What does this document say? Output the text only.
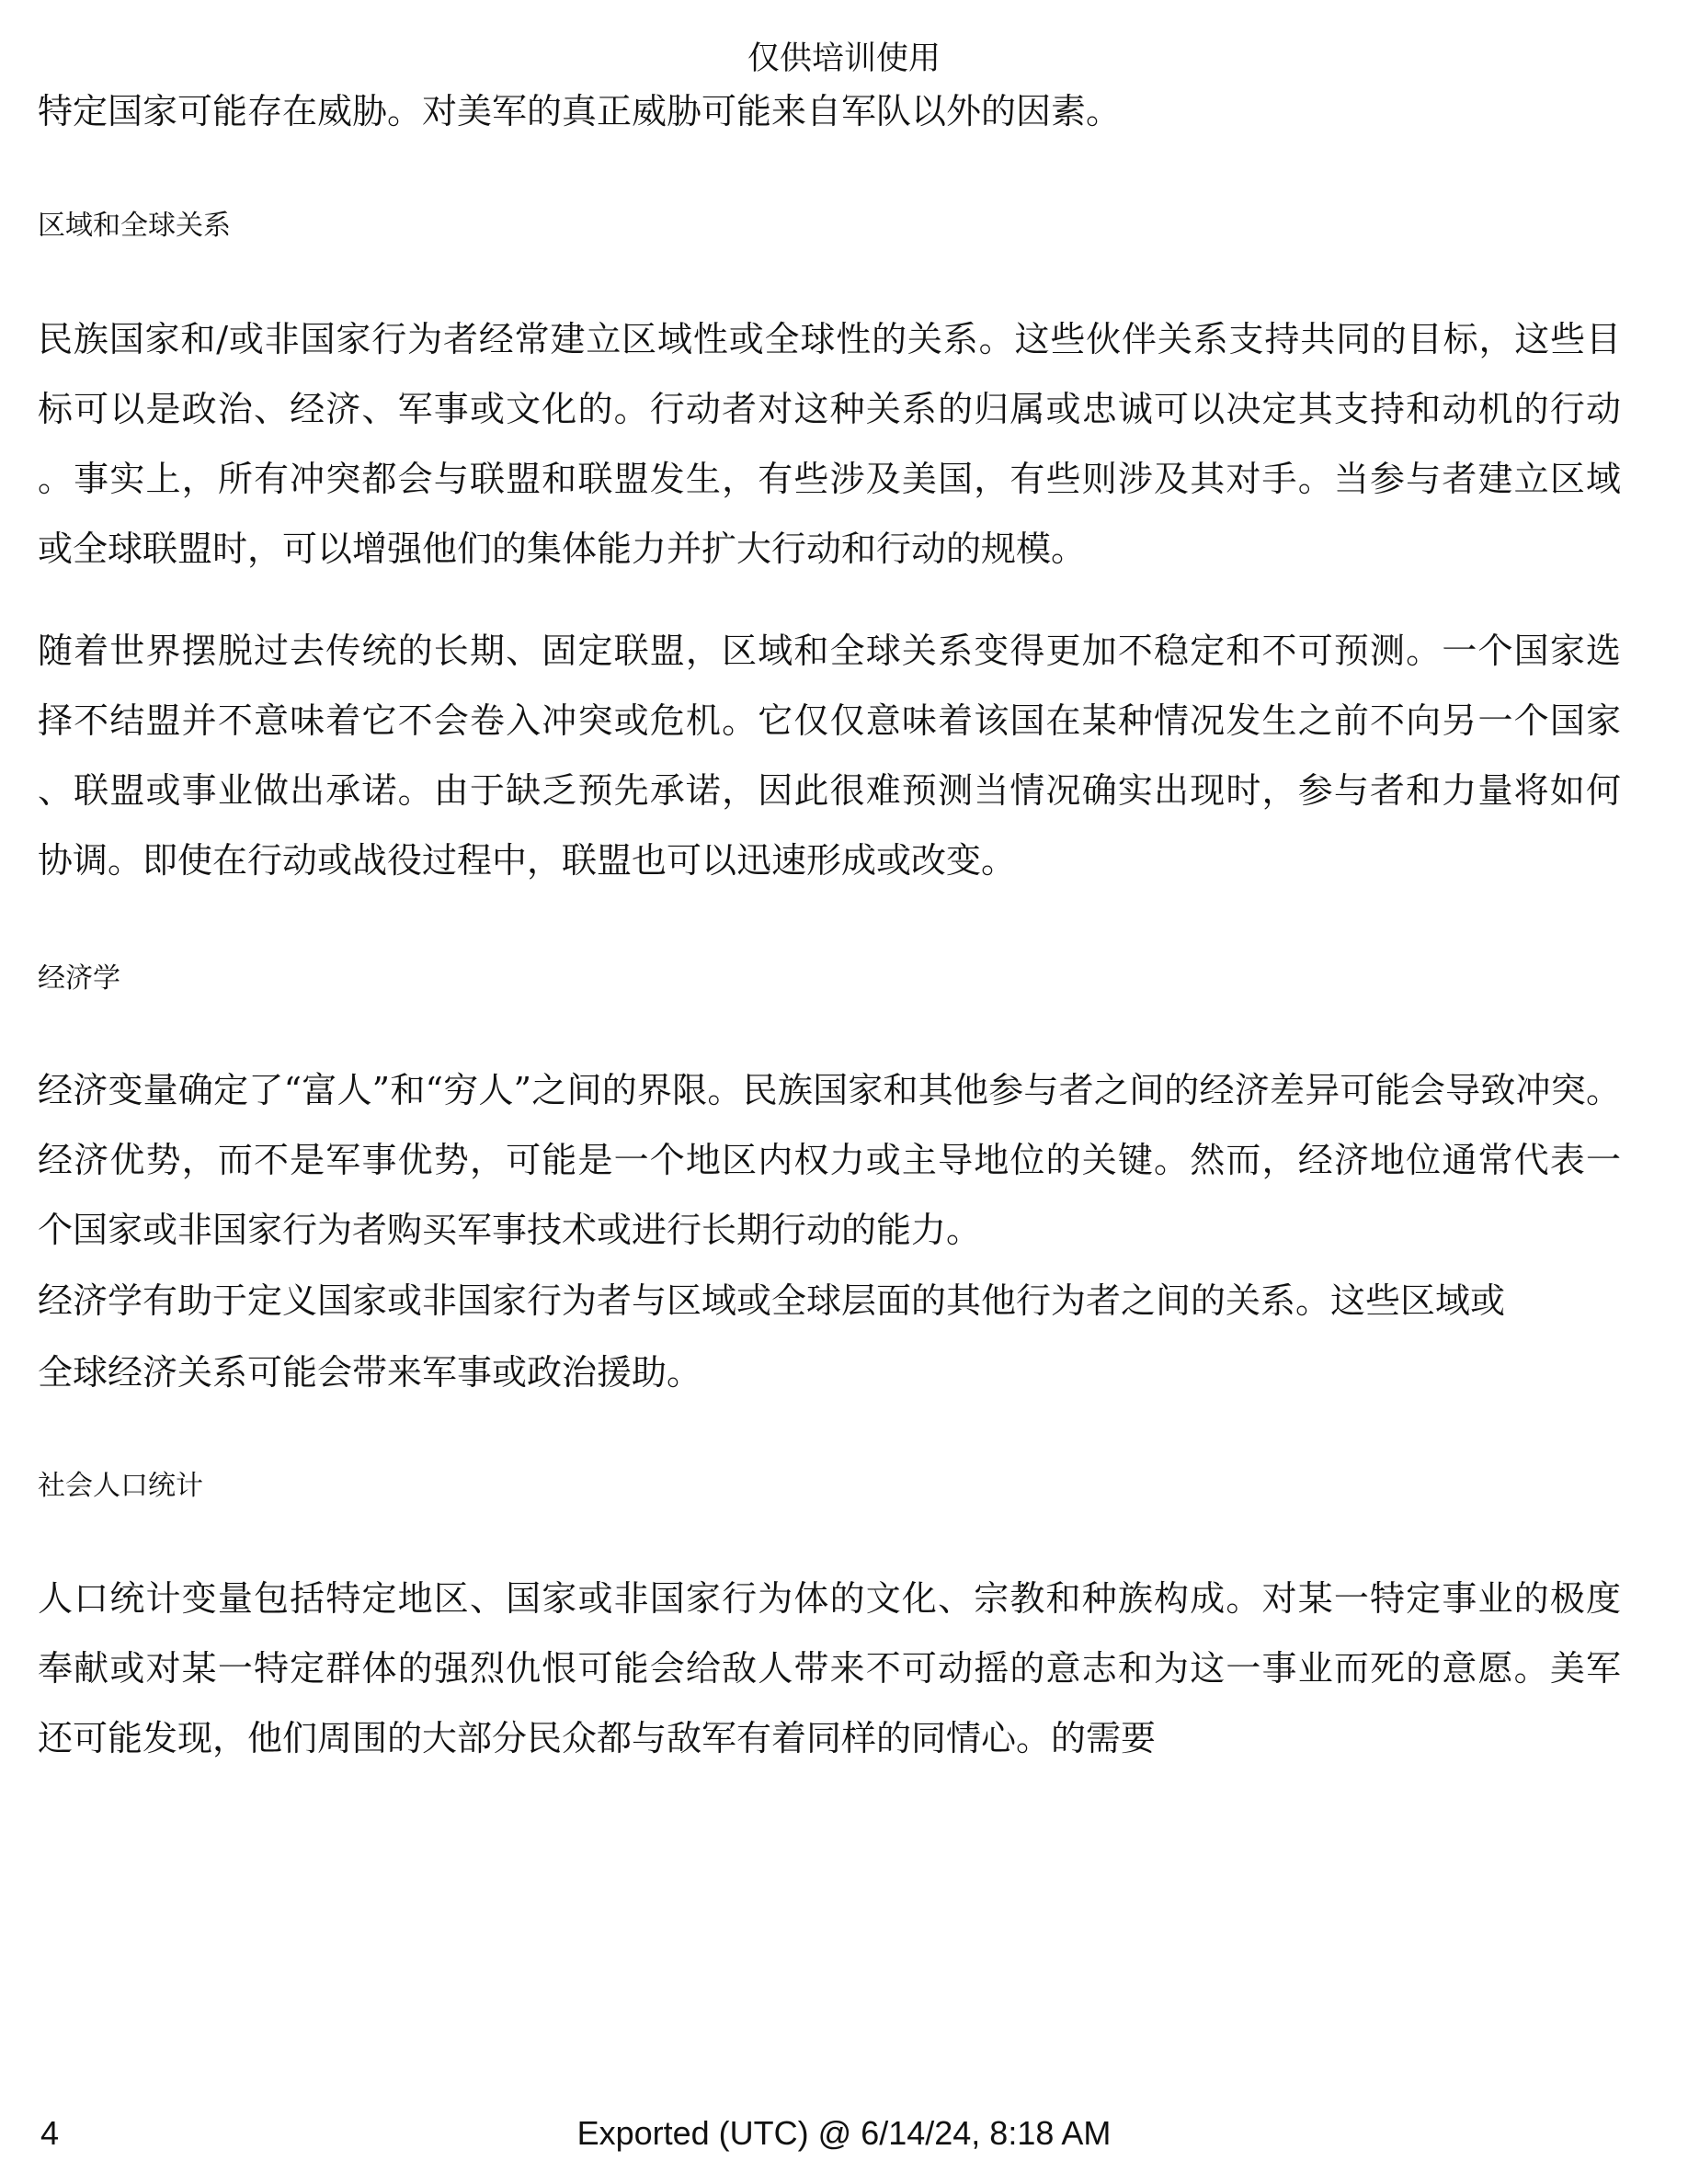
仅供培训使用
特定国家可能存在威胁。对美军的真正威胁可能来自军队以外的因素。
区域和全球关系
民族国家和/或非国家行为者经常建立区域性或全球性的关系。这些伙伴关系支持共同的目标，这些目
标可以是政治、经济、军事或文化的。行动者对这种关系的归属或忠诚可以决定其支持和动机的行动
。事实上，所有冲突都会与联盟和联盟发生，有些涉及美国，有些则涉及其对手。当参与者建立区域
或全球联盟时，可以增强他们的集体能力并扩大行动和行动的规模。
随着世界摆脱过去传统的长期、固定联盟，区域和全球关系变得更加不稳定和不可预测。一个国家选
择不结盟并不意味着它不会卷入冲突或危机。它仅仅意味着该国在某种情况发生之前不向另一个国家
、联盟或事业做出承诺。由于缺乏预先承诺，因此很难预测当情况确实出现时，参与者和力量将如何
协调。即使在行动或战役过程中，联盟也可以迅速形成或改变。
经济学
经济变量确定了“富人”和“穷人”之间的界限。民族国家和其他参与者之间的经济差异可能会导致冲突。
经济优势，而不是军事优势，可能是一个地区内权力或主导地位的关键。然而，经济地位通常代表一
个国家或非国家行为者购买军事技术或进行长期行动的能力。
经济学有助于定义国家或非国家行为者与区域或全球层面的其他行为者之间的关系。这些区域或
全球经济关系可能会带来军事或政治援助。
社会人口统计
人口统计变量包括特定地区、国家或非国家行为体的文化、宗教和种族构成。对某一特定事业的极度
奉献或对某一特定群体的强烈仇恨可能会给敌人带来不可动摇的意志和为这一事业而死的意愿。美军
还可能发现，他们周围的大部分民众都与敌军有着同样的同情心。的需要
4	Exported (UTC) @ 6/14/24, 8:18 AM
